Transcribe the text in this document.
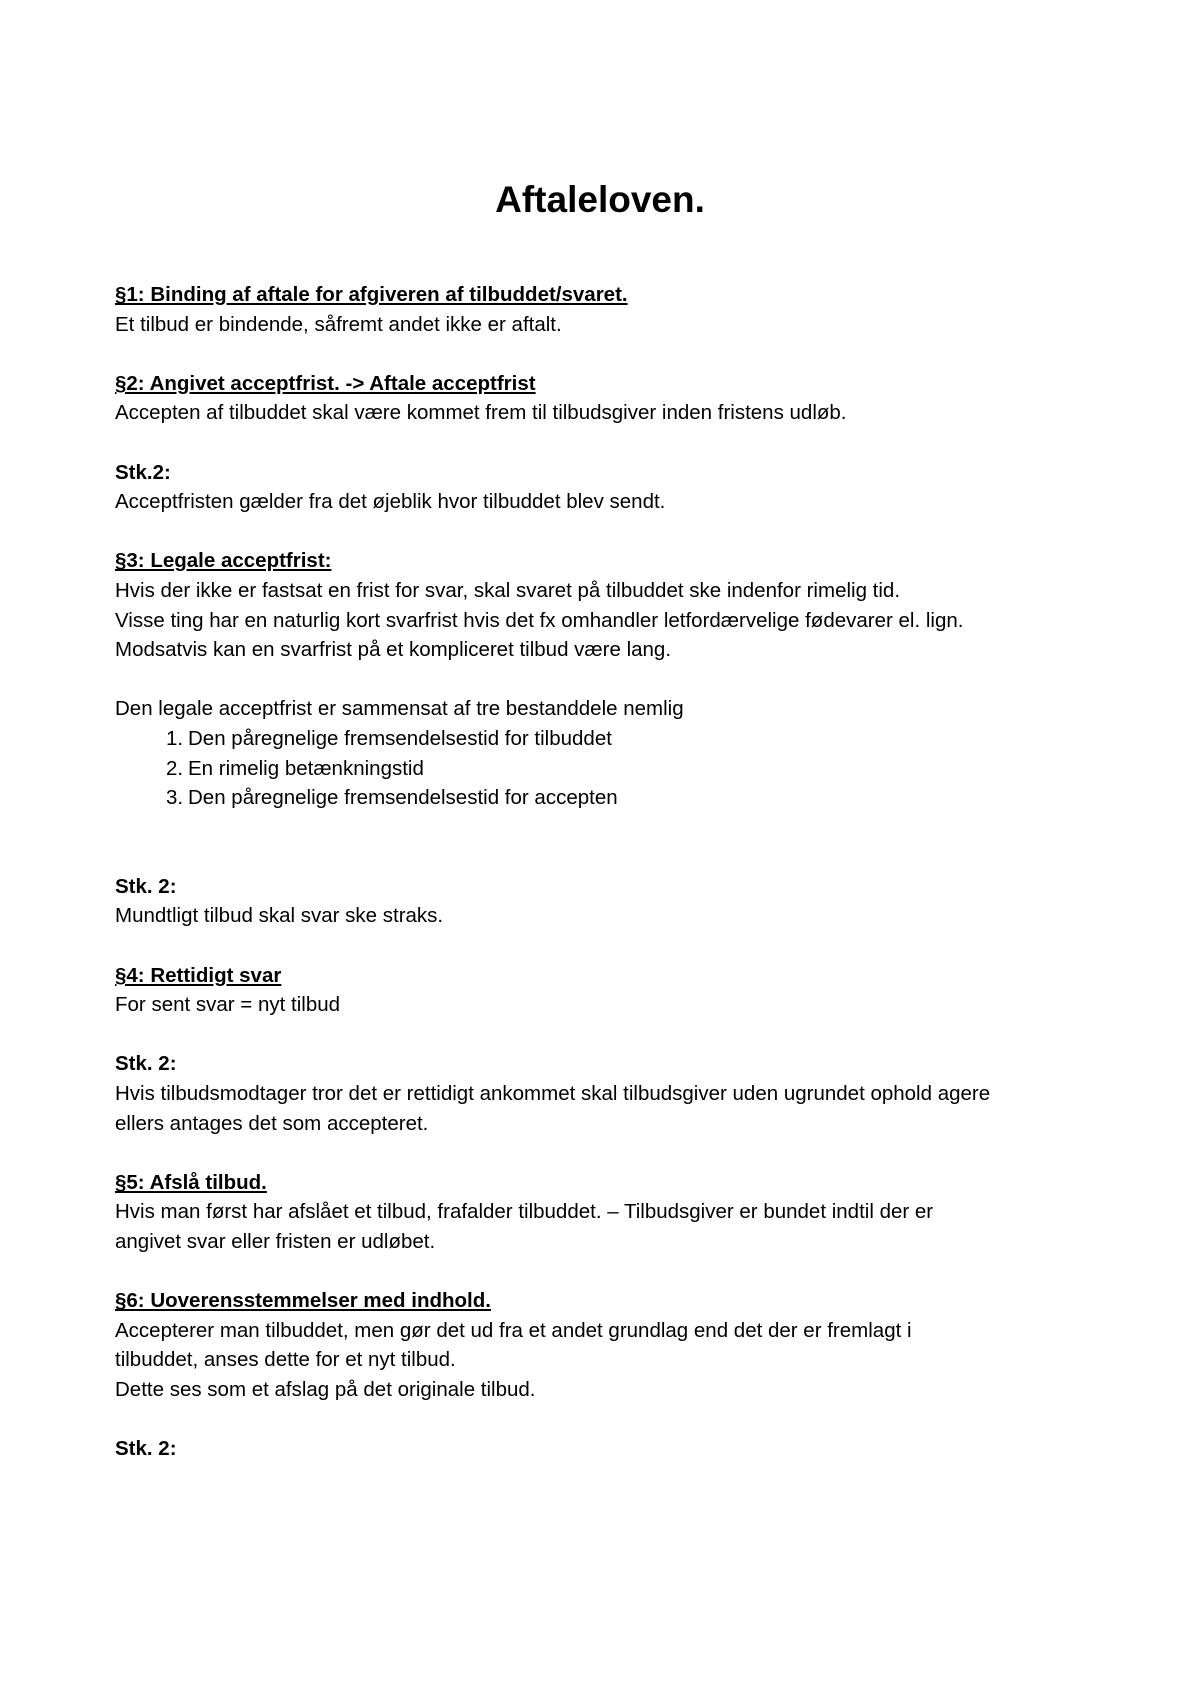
Aftaleloven.
§1: Binding af aftale for afgiveren af tilbuddet/svaret.
Et tilbud er bindende, såfremt andet ikke er aftalt.
§2: Angivet acceptfrist. -> Aftale acceptfrist
Accepten af tilbuddet skal være kommet frem til tilbudsgiver inden fristens udløb.
Stk.2:
Acceptfristen gælder fra det øjeblik hvor tilbuddet blev sendt.
§3: Legale acceptfrist:
Hvis der ikke er fastsat en frist for svar, skal svaret på tilbuddet ske indenfor rimelig tid.
Visse ting har en naturlig kort svarfrist hvis det fx omhandler letfordærvelige fødevarer el. lign.
Modsatvis kan en svarfrist på et kompliceret tilbud være lang.
Den legale acceptfrist er sammensat af tre bestanddele nemlig
1. Den påregnelige fremsendelsestid for tilbuddet
2. En rimelig betænkningstid
3. Den påregnelige fremsendelsestid for accepten
Stk. 2:
Mundtligt tilbud skal svar ske straks.
§4: Rettidigt svar
For sent svar = nyt tilbud
Stk. 2:
Hvis tilbudsmodtager tror det er rettidigt ankommet skal tilbudsgiver uden ugrundet ophold agere
ellers antages det som accepteret.
§5: Afslå tilbud.
Hvis man først har afslået et tilbud, frafalder tilbuddet. – Tilbudsgiver er bundet indtil der er
angivet svar eller fristen er udløbet.
§6: Uoverensstemmelser med indhold.
Accepterer man tilbuddet, men gør det ud fra et andet grundlag end det der er fremlagt i
tilbuddet, anses dette for et nyt tilbud.
Dette ses som et afslag på det originale tilbud.
Stk. 2:
